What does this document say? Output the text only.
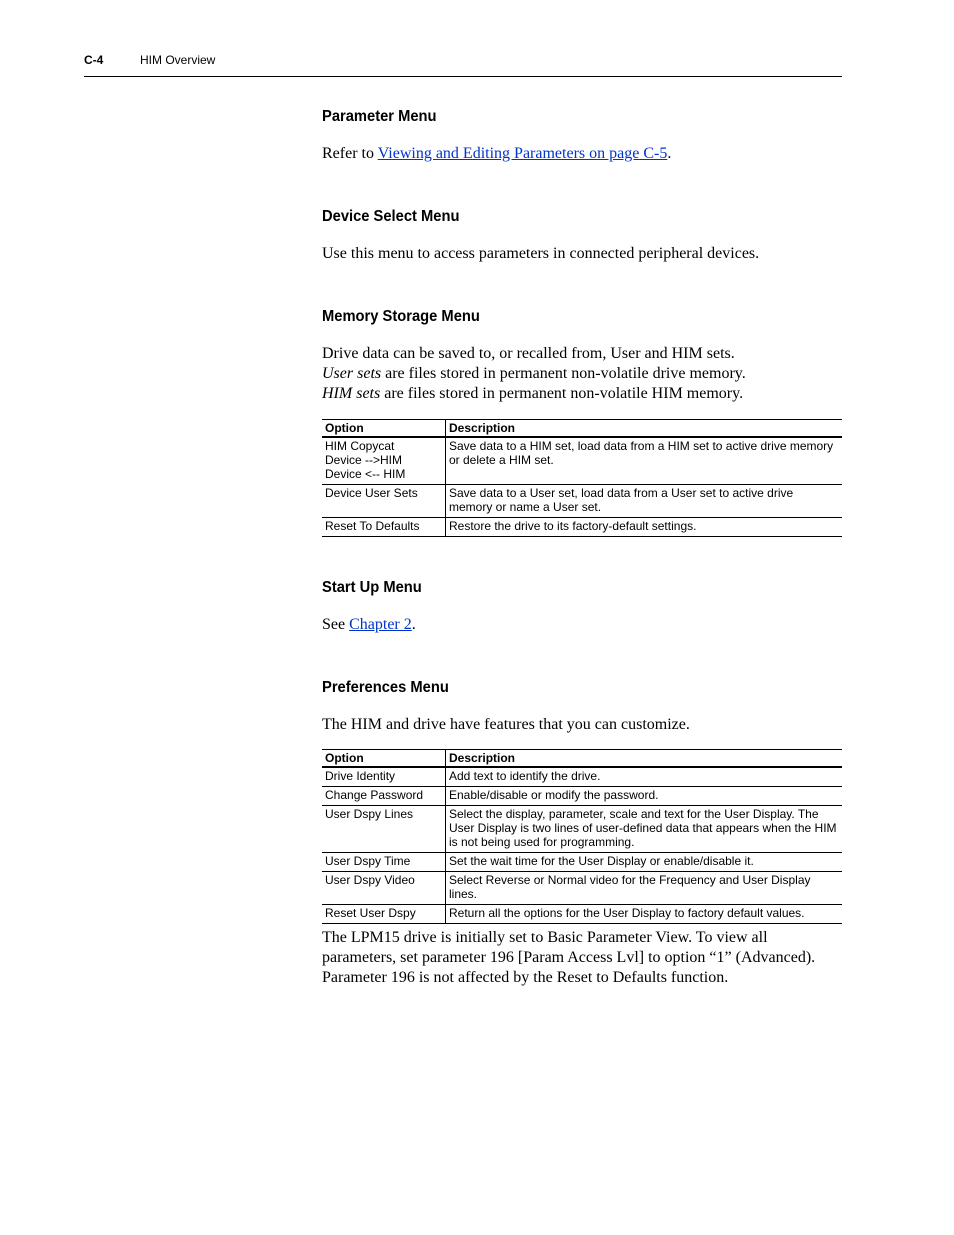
C-4	HIM Overview
Parameter Menu

Refer to Viewing and Editing Parameters on page C-5.

Device Select Menu

Use this menu to access parameters in connected peripheral devices.

Memory Storage Menu

Drive data can be saved to, or recalled from, User and HIM sets.
User sets are files stored in permanent non-volatile drive memory.
HIM sets are files stored in permanent non-volatile HIM memory.

Option	Description
HIM Copycat
Device -->HIM
Device <-- HIM	Save data to a HIM set, load data from a HIM set to active drive memory or delete a HIM set.
Device User Sets	Save data to a User set, load data from a User set to active drive memory or name a User set.
Reset To Defaults	Restore the drive to its factory-default settings.
Start Up Menu

See Chapter 2.

Preferences Menu

The HIM and drive have features that you can customize.

Option	Description
Drive Identity	Add text to identify the drive.
Change Password	Enable/disable or modify the password.
User Dspy Lines	Select the display, parameter, scale and text for the User Display. The User Display is two lines of user-defined data that appears when the HIM is not being used for programming.
User Dspy Time	Set the wait time for the User Display or enable/disable it.
User Dspy Video	Select Reverse or Normal video for the Frequency and User Display lines.
Reset User Dspy	Return all the options for the User Display to factory default values.

The LPM15 drive is initially set to Basic Parameter View. To view all parameters, set parameter 196 [Param Access Lvl] to option “1” (Advanced). Parameter 196 is not affected by the Reset to Defaults function.
